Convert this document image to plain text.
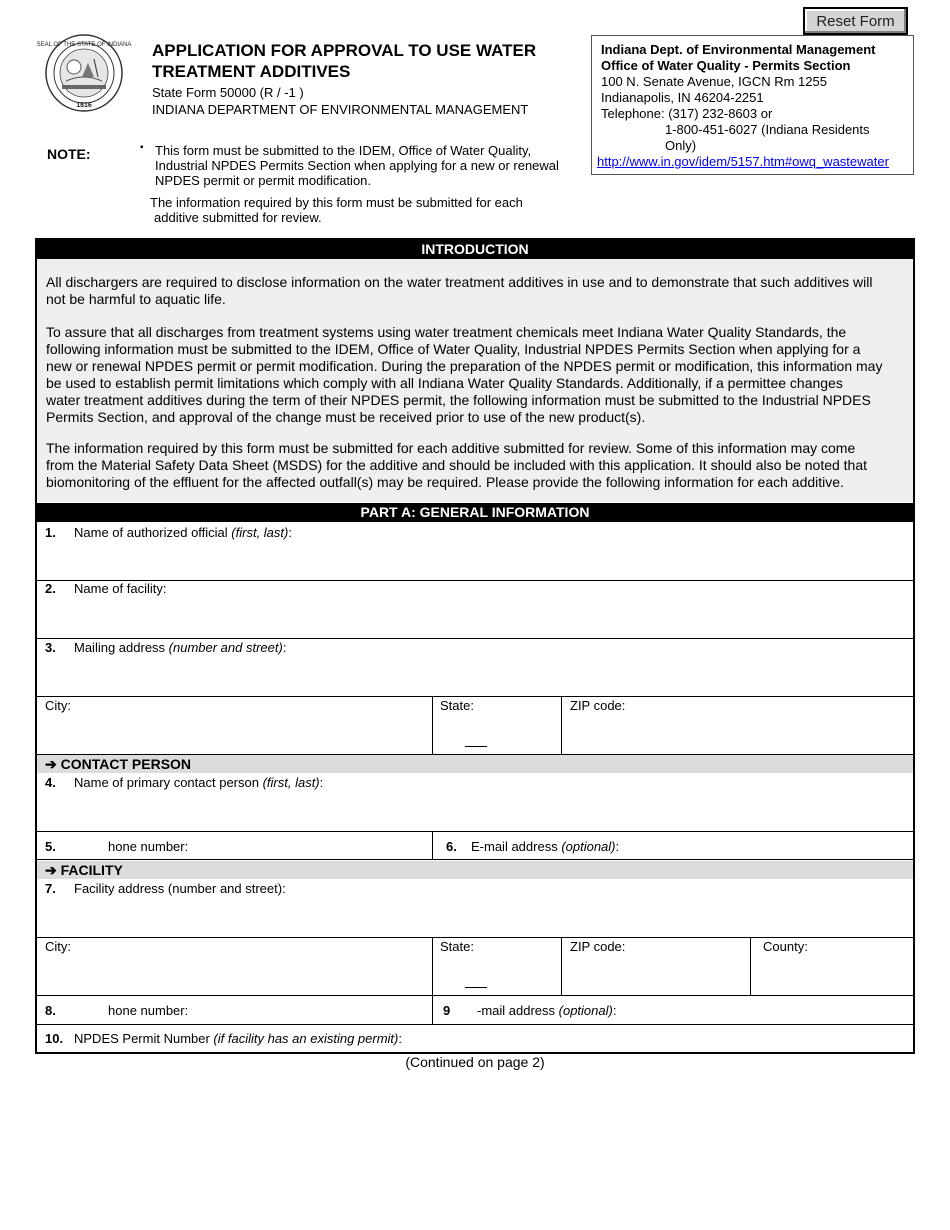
Reset Form
SEAL OF THE STATE OF INDIANA
1816
APPLICATION FOR APPROVAL TO USE WATER
TREATMENT ADDITIVES
State Form 50000 (R / -1 )
INDIANA DEPARTMENT OF ENVIRONMENTAL MANAGEMENT
Indiana Dept. of Environmental Management
Office of Water Quality - Permits Section
100 N. Senate Avenue, IGCN Rm 1255
Indianapolis, IN 46204-2251
Telephone: (317) 232-8603 or
1-800-451-6027 (Indiana Residents Only)
http://www.in.gov/idem/5157.htm#owq_wastewater
NOTE:	▪ This form must be submitted to the IDEM, Office of Water Quality,
Industrial NPDES Permits Section when applying for a new or renewal
NPDES permit or permit modification.
The information required by this form must be submitted for each
additive submitted for review.
INTRODUCTION
All dischargers are required to disclose information on the water treatment additives in use and to demonstrate that such additives will
not be harmful to aquatic life.
To assure that all discharges from treatment systems using water treatment chemicals meet Indiana Water Quality Standards, the
following information must be submitted to the IDEM, Office of Water Quality, Industrial NPDES Permits Section when applying for a
new or renewal NPDES permit or permit modification. During the preparation of the NPDES permit or modification, this information may
be used to establish permit limitations which comply with all Indiana Water Quality Standards. Additionally, if a permittee changes
water treatment additives during the term of their NPDES permit, the following information must be submitted to the Industrial NPDES
Permits Section, and approval of the change must be received prior to use of the new product(s).
The information required by this form must be submitted for each additive submitted for review. Some of this information may come
from the Material Safety Data Sheet (MSDS) for the additive and should be included with this application. It should also be noted that
biomonitoring of the effluent for the affected outfall(s) may be required. Please provide the following information for each additive.
PART A: GENERAL INFORMATION
1. Name of authorized official (first, last):
2. Name of facility:
3. Mailing address (number and street):
City:	State:	ZIP code:
➔ CONTACT PERSON
4. Name of primary contact person (first, last):
5.	hone number:	6. E-mail address (optional):
➔ FACILITY
7. Facility address (number and street):
City:	State:	ZIP code:	County:
8.	hone number:	9 -mail address (optional):
10. NPDES Permit Number (if facility has an existing permit):
(Continued on page 2)
